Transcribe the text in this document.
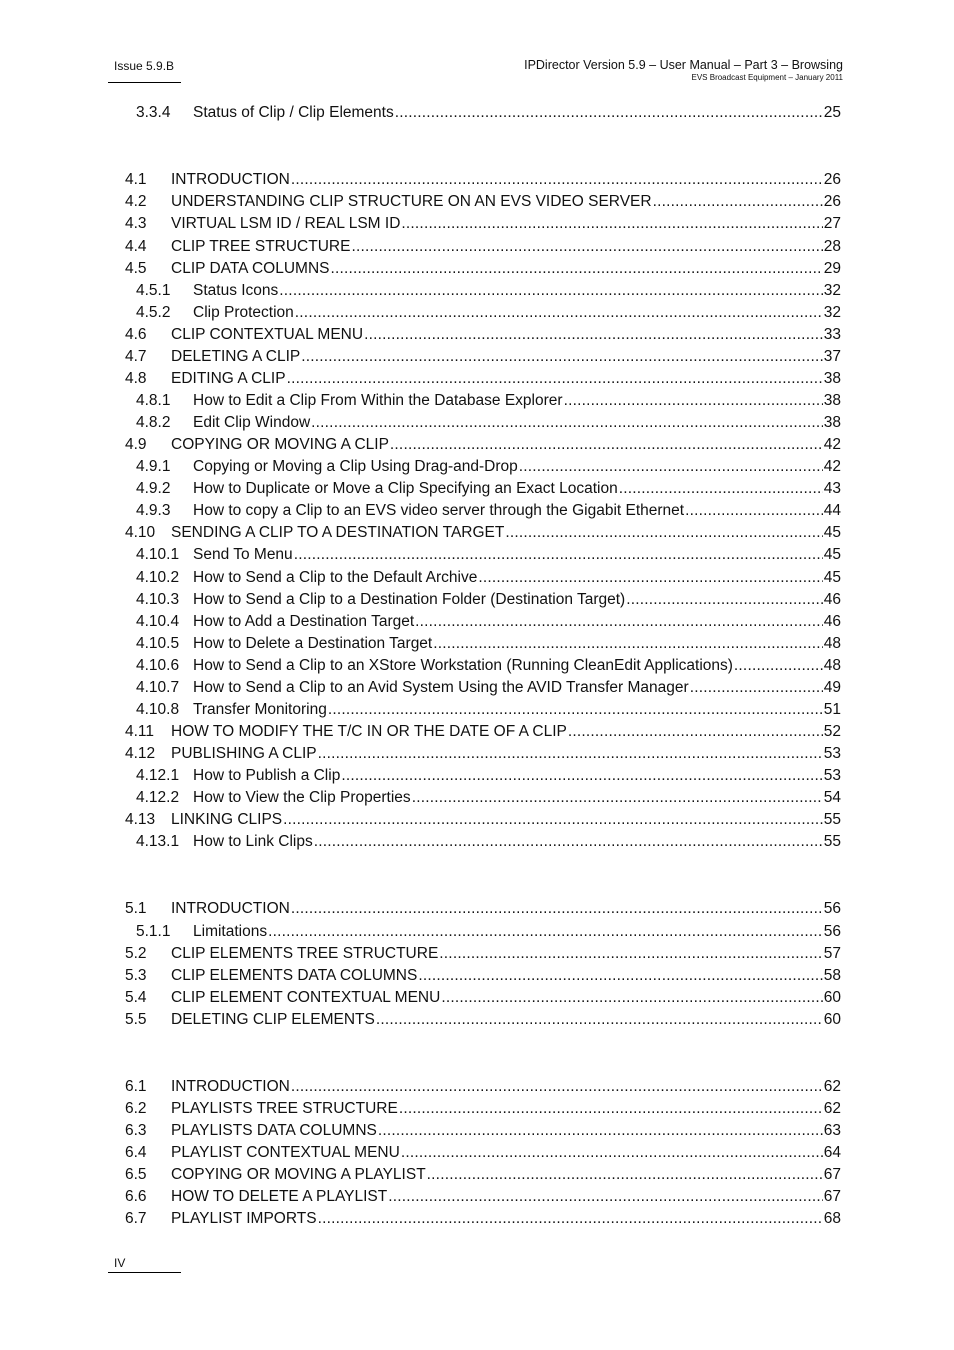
Issue 5.9.B	IPDirector Version 5.9 – User Manual – Part 3 – Browsing
EVS Broadcast Equipment – January 2011
3.3.4 Status of Clip / Clip Elements .....	25
4.1 INTRODUCTION .....	26
4.2 UNDERSTANDING CLIP STRUCTURE ON AN EVS VIDEO SERVER .....	26
4.3 VIRTUAL LSM ID / REAL LSM ID .....	27
4.4 CLIP TREE STRUCTURE .....	28
4.5 CLIP DATA COLUMNS .....	29
4.5.1 Status Icons .....	32
4.5.2 Clip Protection .....	32
4.6 CLIP CONTEXTUAL MENU .....	33
4.7 DELETING A CLIP .....	37
4.8 EDITING A CLIP .....	38
4.8.1 How to Edit a Clip From Within the Database Explorer .....	38
4.8.2 Edit Clip Window .....	38
4.9 COPYING OR MOVING A CLIP .....	42
4.9.1 Copying or Moving a Clip Using Drag-and-Drop .....	42
4.9.2 How to Duplicate or Move a Clip Specifying an Exact Location .....	43
4.9.3 How to copy a Clip to an EVS video server through the Gigabit Ethernet .....	44
4.10 SENDING A CLIP TO A DESTINATION TARGET .....	45
4.10.1 Send To Menu .....	45
4.10.2 How to Send a Clip to the Default Archive .....	45
4.10.3 How to Send a Clip to a Destination Folder (Destination Target) .....	46
4.10.4 How to Add a Destination Target .....	46
4.10.5 How to Delete a Destination Target .....	48
4.10.6 How to Send a Clip to an XStore Workstation (Running CleanEdit Applications) .....	48
4.10.7 How to Send a Clip to an Avid System Using the AVID Transfer Manager .....	49
4.10.8 Transfer Monitoring .....	51
4.11 HOW TO MODIFY THE T/C IN OR THE DATE OF A CLIP .....	52
4.12 PUBLISHING A CLIP .....	53
4.12.1 How to Publish a Clip .....	53
4.12.2 How to View the Clip Properties .....	54
4.13 LINKING CLIPS .....	55
4.13.1 How to Link Clips .....	55
5.1 INTRODUCTION .....	56
5.1.1 Limitations .....	56
5.2 CLIP ELEMENTS TREE STRUCTURE .....	57
5.3 CLIP ELEMENTS DATA COLUMNS .....	58
5.4 CLIP ELEMENT CONTEXTUAL MENU .....	60
5.5 DELETING CLIP ELEMENTS .....	60
6.1 INTRODUCTION .....	62
6.2 PLAYLISTS TREE STRUCTURE .....	62
6.3 PLAYLISTS DATA COLUMNS .....	63
6.4 PLAYLIST CONTEXTUAL MENU .....	64
6.5 COPYING OR MOVING A PLAYLIST .....	67
6.6 HOW TO DELETE A PLAYLIST .....	67
6.7 PLAYLIST IMPORTS .....	68
IV
